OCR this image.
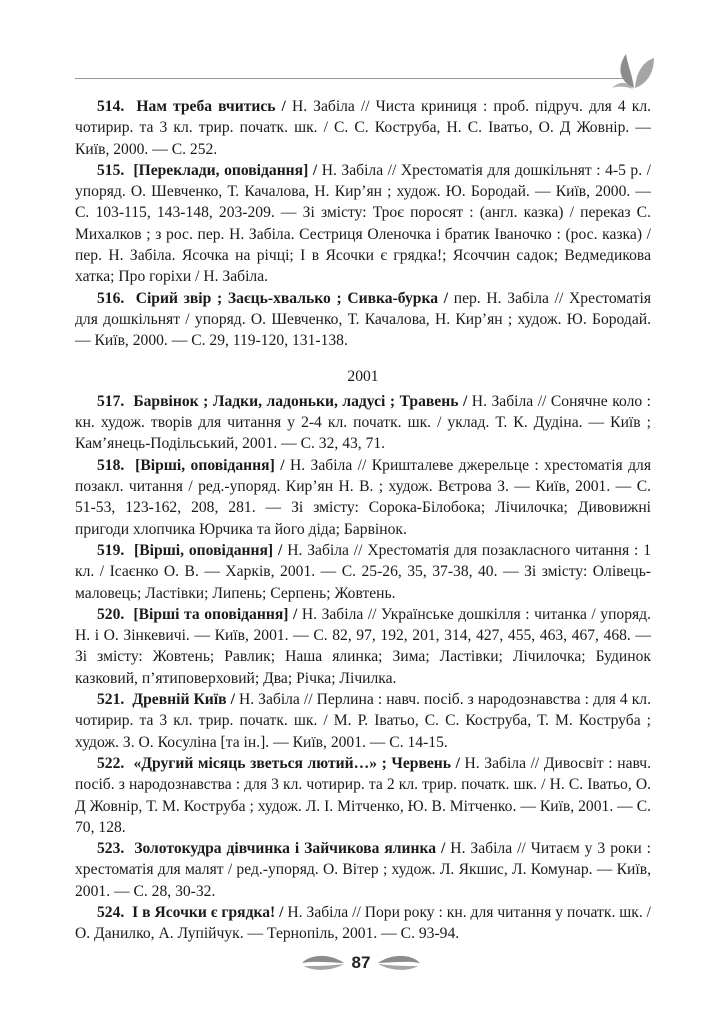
514. Нам треба вчитись / Н. Забіла // Чиста криниця : проб. підруч. для 4 кл. чотирир. та 3 кл. трир. початк. шк. / С. С. Коструба, Н. С. Іватьо, О. Д Жовнір. — Київ, 2000. — С. 252.

515. [Переклади, оповідання] / Н. Забіла // Хрестоматія для дошкільнят : 4-5 р. / упоряд. О. Шевченко, Т. Качалова, Н. Кир’ян ; худож. Ю. Бородай. — Київ, 2000. — С. 103-115, 143-148, 203-209. — Зі змісту: Троє поросят : (англ. казка) / переказ С. Михалков ; з рос. пер. Н. Забіла. Сестриця Оленочка і братик Іваночко : (рос. казка) / пер. Н. Забіла. Ясочка на річці; І в Ясочки є грядка!; Ясоччин садок; Ведмедикова хатка; Про горіхи / Н. Забіла.

516. Сірий звір ; Заєць-хвалько ; Сивка-бурка / пер. Н. Забіла // Хрестоматія для дошкільнят / упоряд. О. Шевченко, Т. Качалова, Н. Кир’ян ; худож. Ю. Бородай. — Київ, 2000. — С. 29, 119-120, 131-138.

2001

517. Барвінок ; Ладки, ладоньки, ладусі ; Травень / Н. Забіла // Сонячне коло : кн. худож. творів для читання у 2-4 кл. початк. шк. / уклад. Т. К. Дудіна. — Київ ; Кам’янець-Подільський, 2001. — С. 32, 43, 71.

518. [Вірші, оповідання] / Н. Забіла // Кришталеве джерельце : хрестоматія для позакл. читання / ред.-упоряд. Кир’ян Н. В. ; худож. Вєтрова З. — Київ, 2001. — С. 51-53, 123-162, 208, 281. — Зі змісту: Сорока-Білобока; Лічилочка; Дивовижні пригоди хлопчика Юрчика та його діда; Барвінок.

519. [Вірші, оповідання] / Н. Забіла // Хрестоматія для позакласного читання : 1 кл. / Ісаєнко О. В. — Харків, 2001. — С. 25-26, 35, 37-38, 40. — Зі змісту: Олівець-маловець; Ластівки; Липень; Серпень; Жовтень.

520. [Вірші та оповідання] / Н. Забіла // Українське дошкілля : читанка / упоряд. Н. і О. Зінкевичі. — Київ, 2001. — С. 82, 97, 192, 201, 314, 427, 455, 463, 467, 468. — Зі змісту: Жовтень; Равлик; Наша ялинка; Зима; Ластівки; Лічилочка; Будинок казковий, п’ятиповерховий; Два; Річка; Лічилка.

521. Древній Київ / Н. Забіла // Перлина : навч. посіб. з народознавства : для 4 кл. чотирир. та 3 кл. трир. початк. шк. / М. Р. Іватьо, С. С. Коструба, Т. М. Коструба ; худож. З. О. Косуліна [та ін.]. — Київ, 2001. — С. 14-15.

522. «Другий місяць зветься лютий…» ; Червень / Н. Забіла // Дивосвіт : навч. посіб. з народознавства : для 3 кл. чотирир. та 2 кл. трир. початк. шк. / Н. С. Іватьо, О. Д Жовнір, Т. М. Коструба ; худож. Л. І. Мітченко, Ю. В. Мітченко. — Київ, 2001. — С. 70, 128.

523. Золотокудра дівчинка і Зайчикова ялинка / Н. Забіла // Читаєм у 3 роки : хрестоматія для малят / ред.-упоряд. О. Вітер ; худож. Л. Якшис, Л. Комунар. — Київ, 2001. — С. 28, 30-32.

524. І в Ясочки є грядка! / Н. Забіла // Пори року : кн. для читання у початк. шк. / О. Данилко, А. Лупійчук. — Тернопіль, 2001. — С. 93-94.

87
